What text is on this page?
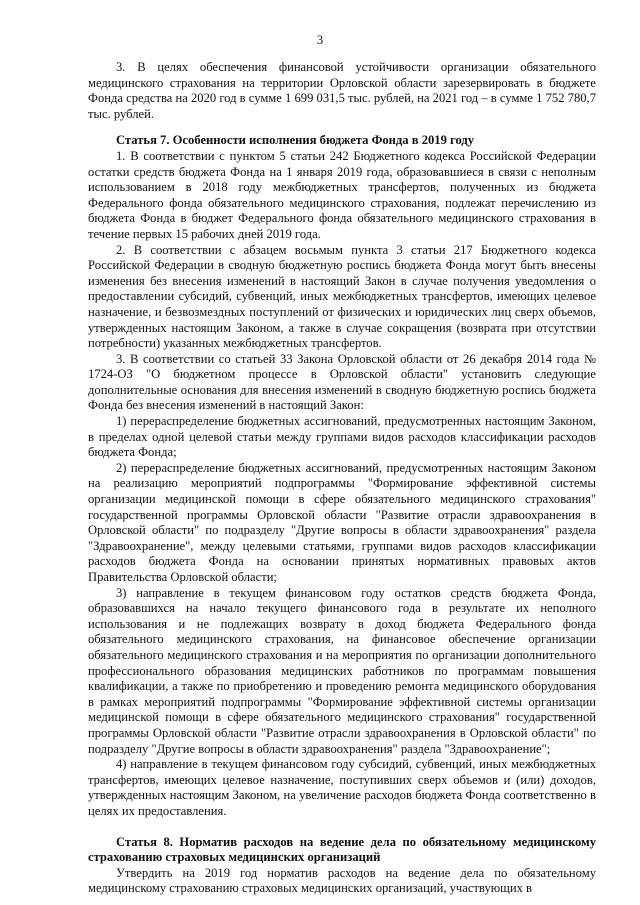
3

3. В целях обеспечения финансовой устойчивости организации обязательного медицинского страхования на территории Орловской области зарезервировать в бюджете Фонда средства на 2020 год в сумме 1 699 031,5 тыс. рублей, на 2021 год – в сумме 1 752 780,7 тыс. рублей.

Статья 7. Особенности исполнения бюджета Фонда в 2019 году

1. В соответствии с пунктом 5 статьи 242 Бюджетного кодекса Российской Федерации остатки средств бюджета Фонда на 1 января 2019 года, образовавшиеся в связи с неполным использованием в 2018 году межбюджетных трансфертов, полученных из бюджета Федерального фонда обязательного медицинского страхования, подлежат перечислению из бюджета Фонда в бюджет Федерального фонда обязательного медицинского страхования в течение первых 15 рабочих дней 2019 года.

2. В соответствии с абзацем восьмым пункта 3 статьи 217 Бюджетного кодекса Российской Федерации в сводную бюджетную роспись бюджета Фонда могут быть внесены изменения без внесения изменений в настоящий Закон в случае получения уведомления о предоставлении субсидий, субвенций, иных межбюджетных трансфертов, имеющих целевое назначение, и безвозмездных поступлений от физических и юридических лиц сверх объемов, утвержденных настоящим Законом, а также в случае сокращения (возврата при отсутствии потребности) указанных межбюджетных трансфертов.

3. В соответствии со статьей 33 Закона Орловской области от 26 декабря 2014 года № 1724-ОЗ "О бюджетном процессе в Орловской области" установить следующие дополнительные основания для внесения изменений в сводную бюджетную роспись бюджета Фонда без внесения изменений в настоящий Закон:

1) перераспределение бюджетных ассигнований, предусмотренных настоящим Законом, в пределах одной целевой статьи между группами видов расходов классификации расходов бюджета Фонда;

2) перераспределение бюджетных ассигнований, предусмотренных настоящим Законом на реализацию мероприятий подпрограммы "Формирование эффективной системы организации медицинской помощи в сфере обязательного медицинского страхования" государственной программы Орловской области "Развитие отрасли здравоохранения в Орловской области" по подразделу "Другие вопросы в области здравоохранения" раздела "Здравоохранение", между целевыми статьями, группами видов расходов классификации расходов бюджета Фонда на основании принятых нормативных правовых актов Правительства Орловской области;

3) направление в текущем финансовом году остатков средств бюджета Фонда, образовавшихся на начало текущего финансового года в результате их неполного использования и не подлежащих возврату в доход бюджета Федерального фонда обязательного медицинского страхования, на финансовое обеспечение организации обязательного медицинского страхования и на мероприятия по организации дополнительного профессионального образования медицинских работников по программам повышения квалификации, а также по приобретению и проведению ремонта медицинского оборудования в рамках мероприятий подпрограммы "Формирование эффективной системы организации медицинской помощи в сфере обязательного медицинского страхования" государственной программы Орловской области "Развитие отрасли здравоохранения в Орловской области" по подразделу "Другие вопросы в области здравоохранения" раздела "Здравоохранение";

4) направление в текущем финансовом году субсидий, субвенций, иных межбюджетных трансфертов, имеющих целевое назначение, поступивших сверх объемов и (или) доходов, утвержденных настоящим Законом, на увеличение расходов бюджета Фонда соответственно в целях их предоставления.

Статья 8. Норматив расходов на ведение дела по обязательному медицинскому страхованию страховых медицинских организаций

Утвердить на 2019 год норматив расходов на ведение дела по обязательному медицинскому страхованию страховых медицинских организаций, участвующих в
